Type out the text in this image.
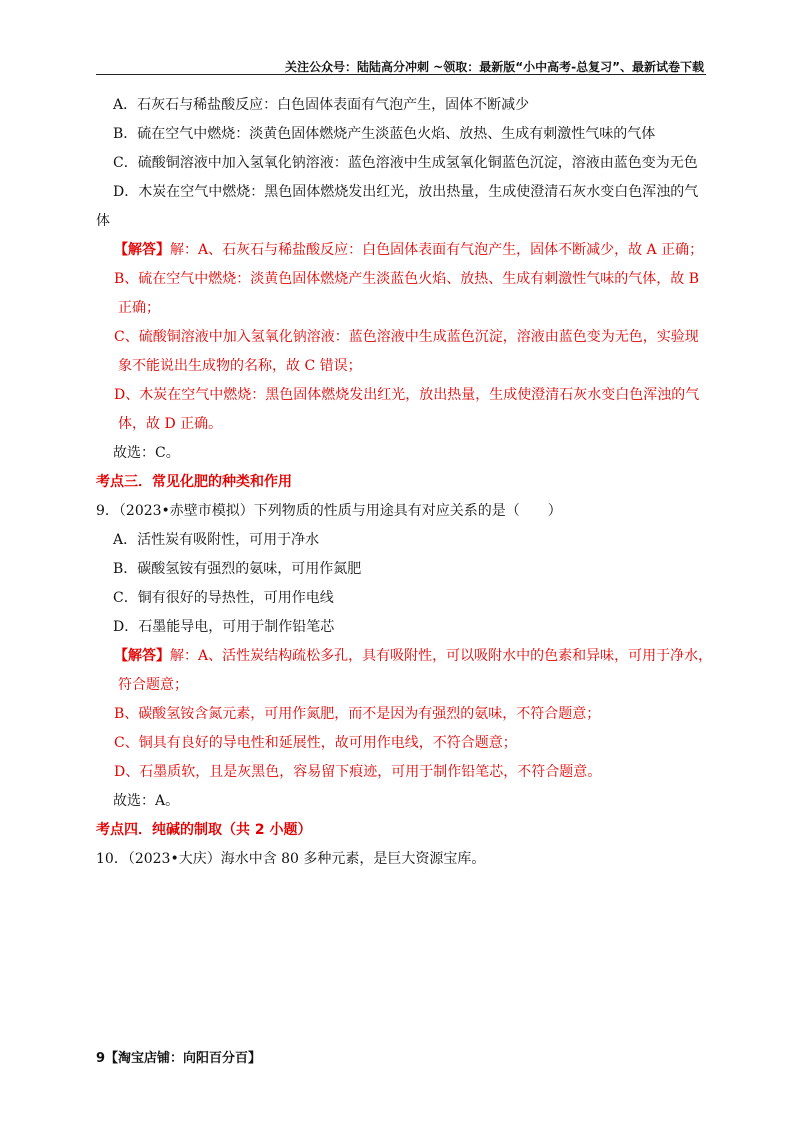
关注公众号：陆陆高分冲刺 ~领取：最新版“小中高考-总复习”、最新试卷下载
A．石灰石与稀盐酸反应：白色固体表面有气泡产生，固体不断减少
B．硫在空气中燃烧：淡黄色固体燃烧产生淡蓝色火焰、放热、生成有刺激性气味的气体
C．硫酸铜溶液中加入氢氧化钠溶液：蓝色溶液中生成氢氧化铜蓝色沉淀，溶液由蓝色变为无色
D．木炭在空气中燃烧：黑色固体燃烧发出红光，放出热量，生成使澄清石灰水变白色浑浊的气
体
【解答】解：A、石灰石与稀盐酸反应：白色固体表面有气泡产生，固体不断减少，故 A 正确；
B、硫在空气中燃烧：淡黄色固体燃烧产生淡蓝色火焰、放热、生成有刺激性气味的气体，故 B
正确；
C、硫酸铜溶液中加入氢氧化钠溶液：蓝色溶液中生成蓝色沉淀，溶液由蓝色变为无色，实验现
象不能说出生成物的名称，故 C 错误；
D、木炭在空气中燃烧：黑色固体燃烧发出红光，放出热量，生成使澄清石灰水变白色浑浊的气
体，故 D 正确。
故选：C。
考点三．常见化肥的种类和作用
9．（2023•赤壁市模拟）下列物质的性质与用途具有对应关系的是（　　）
A．活性炭有吸附性，可用于净水
B．碳酸氢铵有强烈的氨味，可用作氮肥
C．铜有很好的导热性，可用作电线
D．石墨能导电，可用于制作铅笔芯
【解答】解：A、活性炭结构疏松多孔，具有吸附性，可以吸附水中的色素和异味，可用于净水，
符合题意；
B、碳酸氢铵含氮元素，可用作氮肥，而不是因为有强烈的氨味，不符合题意；
C、铜具有良好的导电性和延展性，故可用作电线，不符合题意；
D、石墨质软，且是灰黑色，容易留下痕迹，可用于制作铅笔芯，不符合题意。
故选：A。
考点四．纯碱的制取（共 2 小题）
10．（2023•大庆）海水中含 80 多种元素，是巨大资源宝库。
9【淘宝店铺：向阳百分百】
